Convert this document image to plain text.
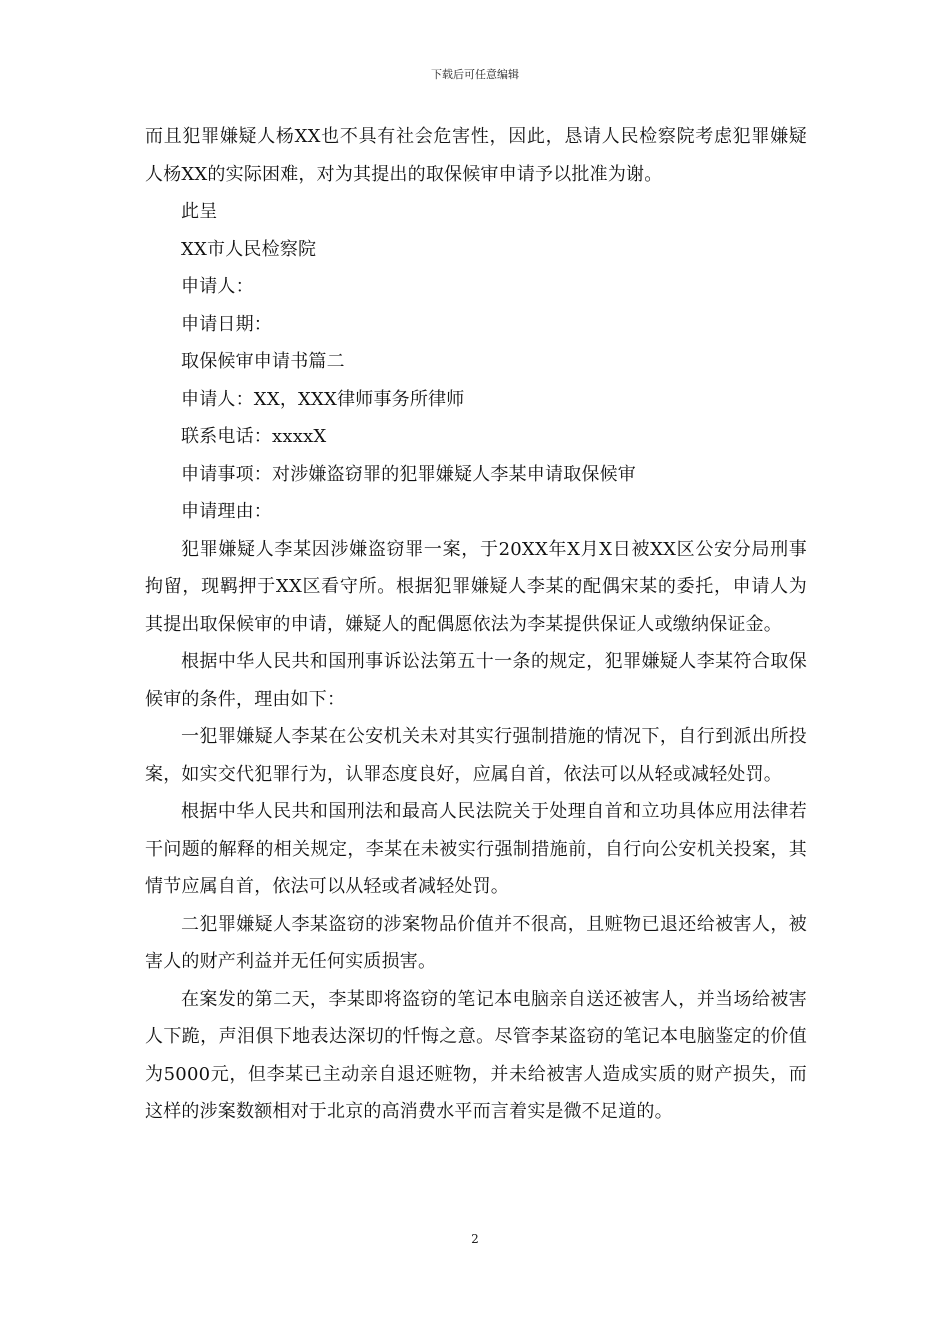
下载后可任意编辑

而且犯罪嫌疑人杨XX也不具有社会危害性，因此，恳请人民检察院考虑犯罪嫌疑人杨XX的实际困难，对为其提出的取保候审申请予以批准为谢。

此呈

XX市人民检察院

申请人：

申请日期：

取保候审申请书篇二

申请人：XX，XXX律师事务所律师

联系电话：xxxxX

申请事项：对涉嫌盗窃罪的犯罪嫌疑人李某申请取保候审

申请理由：

犯罪嫌疑人李某因涉嫌盗窃罪一案，于20XX年X月X日被XX区公安分局刑事拘留，现羁押于XX区看守所。根据犯罪嫌疑人李某的配偶宋某的委托，申请人为其提出取保候审的申请，嫌疑人的配偶愿依法为李某提供保证人或缴纳保证金。

根据中华人民共和国刑事诉讼法第五十一条的规定，犯罪嫌疑人李某符合取保候审的条件，理由如下：

一犯罪嫌疑人李某在公安机关未对其实行强制措施的情况下，自行到派出所投案，如实交代犯罪行为，认罪态度良好，应属自首，依法可以从轻或减轻处罚。

根据中华人民共和国刑法和最高人民法院关于处理自首和立功具体应用法律若干问题的解释的相关规定，李某在未被实行强制措施前，自行向公安机关投案，其情节应属自首，依法可以从轻或者减轻处罚。

二犯罪嫌疑人李某盗窃的涉案物品价值并不很高，且赃物已退还给被害人，被害人的财产利益并无任何实质损害。

在案发的第二天，李某即将盗窃的笔记本电脑亲自送还被害人，并当场给被害人下跪，声泪俱下地表达深切的忏悔之意。尽管李某盗窃的笔记本电脑鉴定的价值为5000元，但李某已主动亲自退还赃物，并未给被害人造成实质的财产损失，而这样的涉案数额相对于北京的高消费水平而言着实是微不足道的。

2
